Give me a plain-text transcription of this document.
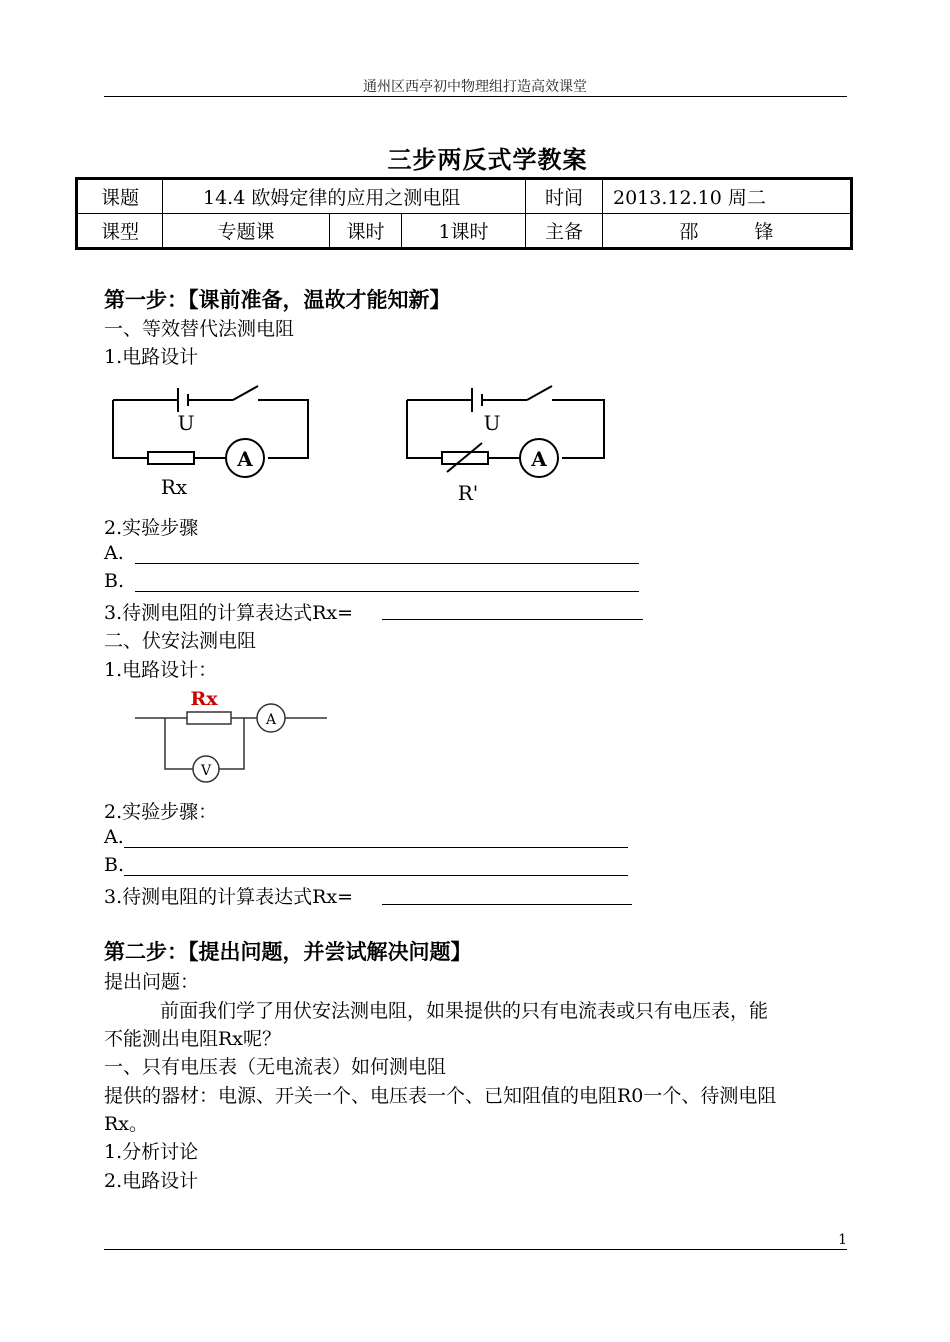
通州区西亭初中物理组打造高效课堂
三步两反式学教案
课题	14.4 欧姆定律的应用之测电阻			时间	2013.12.10 周二
课型	专题课	课时	1课时	主备	邵 锋
第一步：【课前准备，温故才能知新】
一、等效替代法测电阻
1.电路设计
U
A
Rx
U
A
R'
2.实验步骤
A.
B.
3.待测电阻的计算表达式Rx=
二、伏安法测电阻
1.电路设计：
Rx
A
V
2.实验步骤：
A.
B.
3.待测电阻的计算表达式Rx=
第二步：【提出问题，并尝试解决问题】
提出问题：
前面我们学了用伏安法测电阻，如果提供的只有电流表或只有电压表，能
不能测出电阻Rx呢？
一、只有电压表（无电流表）如何测电阻
提供的器材：电源、开关一个、电压表一个、已知阻值的电阻R0一个、待测电阻
Rx。
1.分析讨论
2.电路设计
1
